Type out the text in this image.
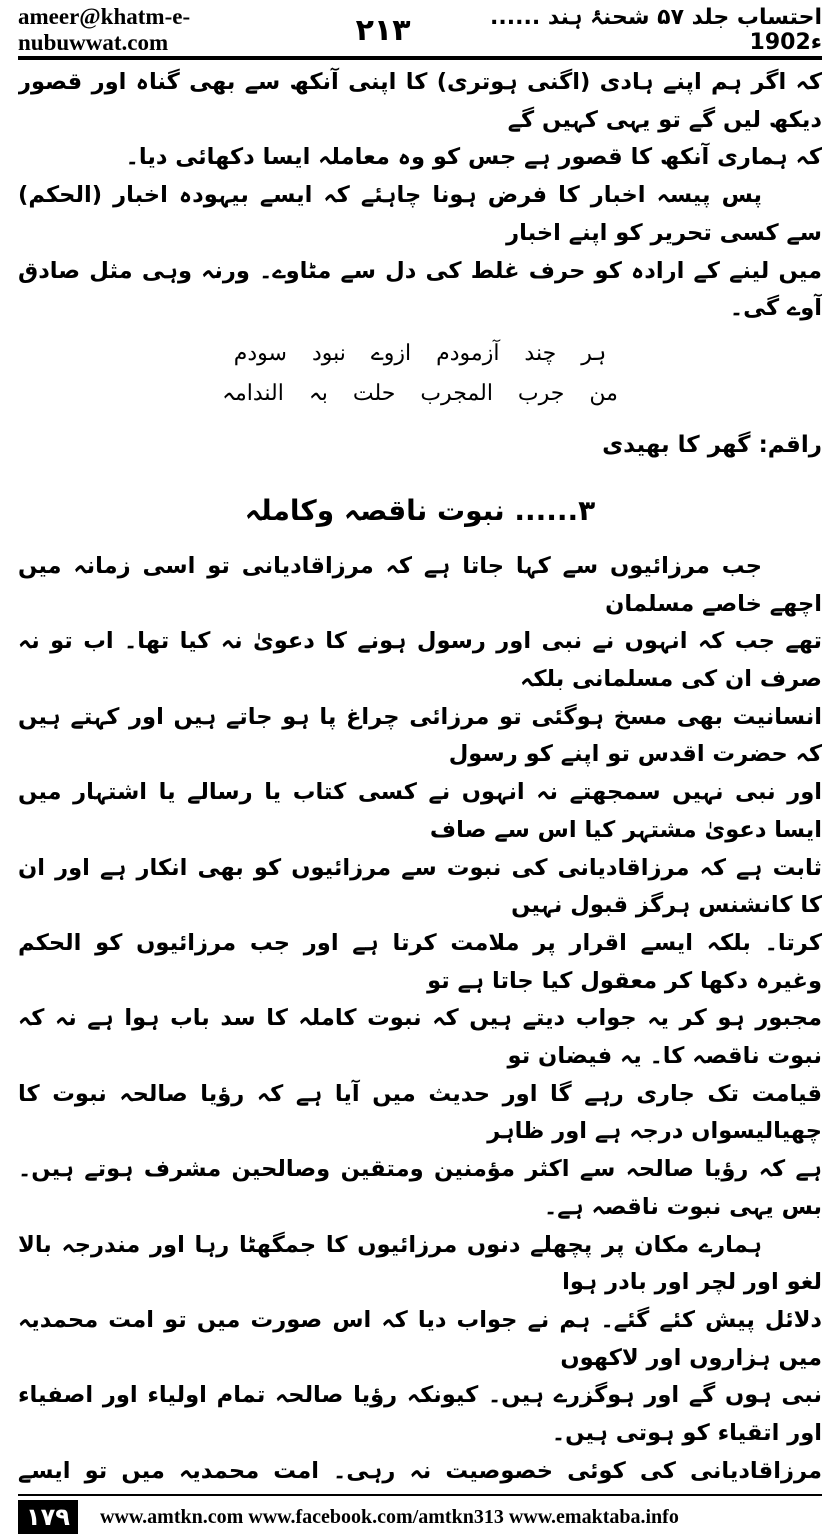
ameer@khatm-e-nubuwwat.com	۲۱۳	احتساب جلد ۵۷ شحنۂ ہند ...... 1902ء

کہ اگر ہم اپنے ہادی (اگنی ہوتری) کا اپنی آنکھ سے بھی گناہ اور قصور دیکھ لیں گے تو یہی کہیں گے

کہ ہماری آنکھ کا قصور ہے جس کو وہ معاملہ ایسا دکھائی دیا۔

پس پیسہ اخبار کا فرض ہونا چاہئے کہ ایسے بیہودہ اخبار (الحکم) سے کسی تحریر کو اپنے اخبار

میں لینے کے ارادہ کو حرف غلط کی دل سے مٹاوے۔ ورنہ وہی مثل صادق آوے گی۔

ہر چند آزمودم ازوے نبود سودم

من جرب المجرب حلت بہ الندامہ

راقم: گھر کا بھیدی

۳...... نبوت ناقصہ وکاملہ

جب مرزائیوں سے کہا جاتا ہے کہ مرزاقادیانی تو اسی زمانہ میں اچھے خاصے مسلمان

تھے جب کہ انہوں نے نبی اور رسول ہونے کا دعویٰ نہ کیا تھا۔ اب تو نہ صرف ان کی مسلمانی بلکہ

انسانیت بھی مسخ ہوگئی تو مرزائی چراغ پا ہو جاتے ہیں اور کہتے ہیں کہ حضرت اقدس تو اپنے کو رسول

اور نبی نہیں سمجھتے نہ انہوں نے کسی کتاب یا رسالے یا اشتہار میں ایسا دعویٰ مشتہر کیا اس سے صاف

ثابت ہے کہ مرزاقادیانی کی نبوت سے مرزائیوں کو بھی انکار ہے اور ان کا کانشنس ہرگز قبول نہیں

کرتا۔ بلکہ ایسے اقرار پر ملامت کرتا ہے اور جب مرزائیوں کو الحکم وغیرہ دکھا کر معقول کیا جاتا ہے تو

مجبور ہو کر یہ جواب دیتے ہیں کہ نبوت کاملہ کا سد باب ہوا ہے نہ کہ نبوت ناقصہ کا۔ یہ فیضان تو

قیامت تک جاری رہے گا اور حدیث میں آیا ہے کہ رؤیا صالحہ نبوت کا چھیالیسواں درجہ ہے اور ظاہر

ہے کہ رؤیا صالحہ سے اکثر مؤمنین ومتقین وصالحین مشرف ہوتے ہیں۔ بس یہی نبوت ناقصہ ہے۔

ہمارے مکان پر پچھلے دنوں مرزائیوں کا جمگھٹا رہا اور مندرجہ بالا لغو اور لچر اور بادر ہوا

دلائل پیش کئے گئے۔ ہم نے جواب دیا کہ اس صورت میں تو امت محمدیہ میں ہزاروں اور لاکھوں

نبی ہوں گے اور ہوگزرے ہیں۔ کیونکہ رؤیا صالحہ تمام اولیاء اور اصفیاء اور اتقیاء کو ہوتی ہیں۔

مرزاقادیانی کی کوئی خصوصیت نہ رہی۔ امت محمدیہ میں تو ایسے

۱۷۹	www.amtkn.com www.facebook.com/amtkn313 www.emaktaba.info
